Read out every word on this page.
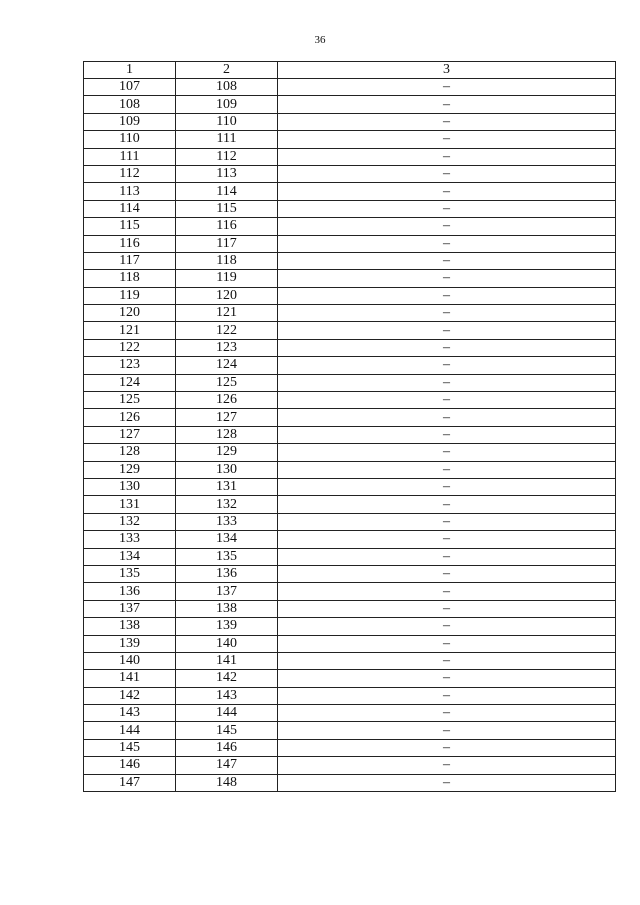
36
1	2	3
107	108	–
108	109	–
109	110	–
110	111	–
111	112	–
112	113	–
113	114	–
114	115	–
115	116	–
116	117	–
117	118	–
118	119	–
119	120	–
120	121	–
121	122	–
122	123	–
123	124	–
124	125	–
125	126	–
126	127	–
127	128	–
128	129	–
129	130	–
130	131	–
131	132	–
132	133	–
133	134	–
134	135	–
135	136	–
136	137	–
137	138	–
138	139	–
139	140	–
140	141	–
141	142	–
142	143	–
143	144	–
144	145	–
145	146	–
146	147	–
147	148	–
